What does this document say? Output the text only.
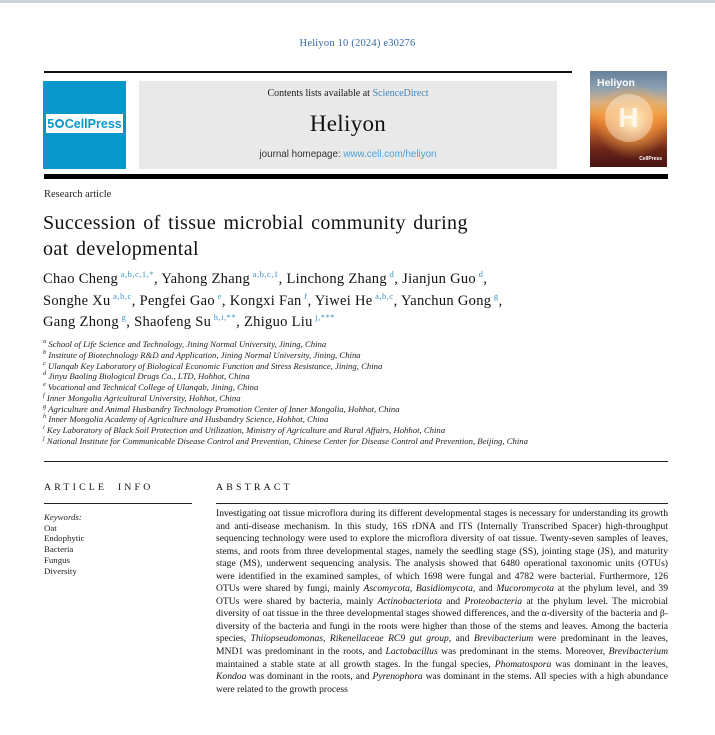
Heliyon 10 (2024) e30276
5 CellPress
Contents lists available at ScienceDirect
Heliyon
journal homepage: www.cell.com/heliyon
Heliyon
H
CellPress
Research article
Succession of tissue microbial community during
oat developmental
Chao Cheng $^{a,b,c,1,*}$, Yahong Zhang $^{a,b,c,1}$, Linchong Zhang $^d$, Jianjun Guo $^d$,
Songhe Xu $^{a,b,c}$, Pengfei Gao $^e$, Kongxi Fan $^f$, Yiwei He $^{a,b,c}$, Yanchun Gong $^g$,
Gang Zhong $^g$, Shaofeng Su $^{h,i,**}$, Zhiguo Liu $^{j,***}$
$^a$ School of Life Science and Technology, Jining Normal University, Jining, China
$^b$ Institute of Biotechnology R&D and Application, Jining Normal University, Jining, China
$^c$ Ulanqab Key Laboratory of Biological Economic Function and Stress Resistance, Jining, China
$^d$ Jinyu Baoling Biological Drugs Co., LTD, Hohhot, China
$^e$ Vocational and Technical College of Ulanqab, Jining, China
$^f$ Inner Mongolia Agricultural University, Hohhot, China
$^g$ Agriculture and Animal Husbandry Technology Promotion Center of Inner Mongolia, Hohhot, China
$^h$ Inner Mongolia Academy of Agriculture and Husbandry Science, Hohhot, China
$^i$ Key Laboratory of Black Soil Protection and Utilization, Ministry of Agriculture and Rural Affairs, Hohhot, China
$^j$ National Institute for Communicable Disease Control and Prevention, Chinese Center for Disease Control and Prevention, Beijing, China
ARTICLE INFO	ABSTRACT
Keywords:
Oat
Endophytic
Bacteria
Fungus
Diversity
Investigating oat tissue microflora during its different developmental stages is necessary for understanding its growth and anti-disease mechanism. In this study, 16S rDNA and ITS (Internally Transcribed Spacer) high-throughput sequencing technology were used to explore the microflora diversity of oat tissue. Twenty-seven samples of leaves, stems, and roots from three developmental stages, namely the seedling stage (SS), jointing stage (JS), and maturity stage (MS), underwent sequencing analysis. The analysis showed that 6480 operational taxonomic units (OTUs) were identified in the examined samples, of which 1698 were fungal and 4782 were bacterial. Furthermore, 126 OTUs were shared by fungi, mainly Ascomycota, Basidiomycota, and Mucoromycota at the phylum level, and 39 OTUs were shared by bacteria, mainly Actinobacteriota and Proteobacteria at the phylum level. The microbial diversity of oat tissue in the three developmental stages showed differences, and the α-diversity of the bacteria and β-diversity of the bacteria and fungi in the roots were higher than those of the stems and leaves. Among the bacteria species, Thiiopseudomonas, Rikenellaceae RC9 gut group, and Brevibacterium were predominant in the leaves, MND1 was predominant in the roots, and Lactobacillus was predominant in the stems. Moreover, Brevibacterium maintained a stable state at all growth stages. In the fungal species, Phomatospora was dominant in the leaves, Kondoa was dominant in the roots, and Pyrenophora was dominant in the stems. All species with a high abundance were related to the growth process
